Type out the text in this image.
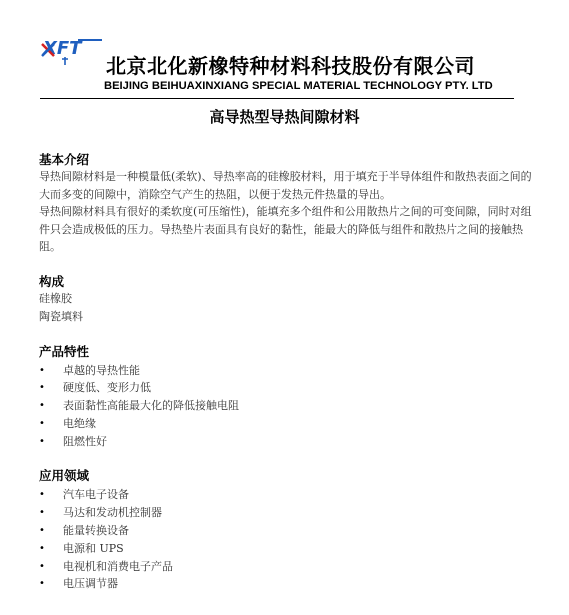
XFT
北京北化新橡特种材料科技股份有限公司
BEIJING BEIHUAXINXIANG SPECIAL MATERIAL TECHNOLOGY PTY. LTD
高导热型导热间隙材料
基本介绍

导热间隙材料是一种模量低(柔软)、导热率高的硅橡胶材料，用于填充于半导体组件和散热表面之间的大而多变的间隙中，消除空气产生的热阻，以便于发热元件热量的导出。

导热间隙材料具有很好的柔软度(可压缩性)，能填充多个组件和公用散热片之间的可变间隙，同时对组件只会造成极低的压力。导热垫片表面具有良好的黏性，能最大的降低与组件和散热片之间的接触热阻。

构成

硅橡胶

陶瓷填料

产品特性
• 卓越的导热性能
• 硬度低、变形力低
• 表面黏性高能最大化的降低接触电阻
• 电绝缘
• 阻燃性好
应用领域
• 汽车电子设备
• 马达和发动机控制器
• 能量转换设备
• 电源和 UPS
• 电视机和消费电子产品
• 电压调节器
